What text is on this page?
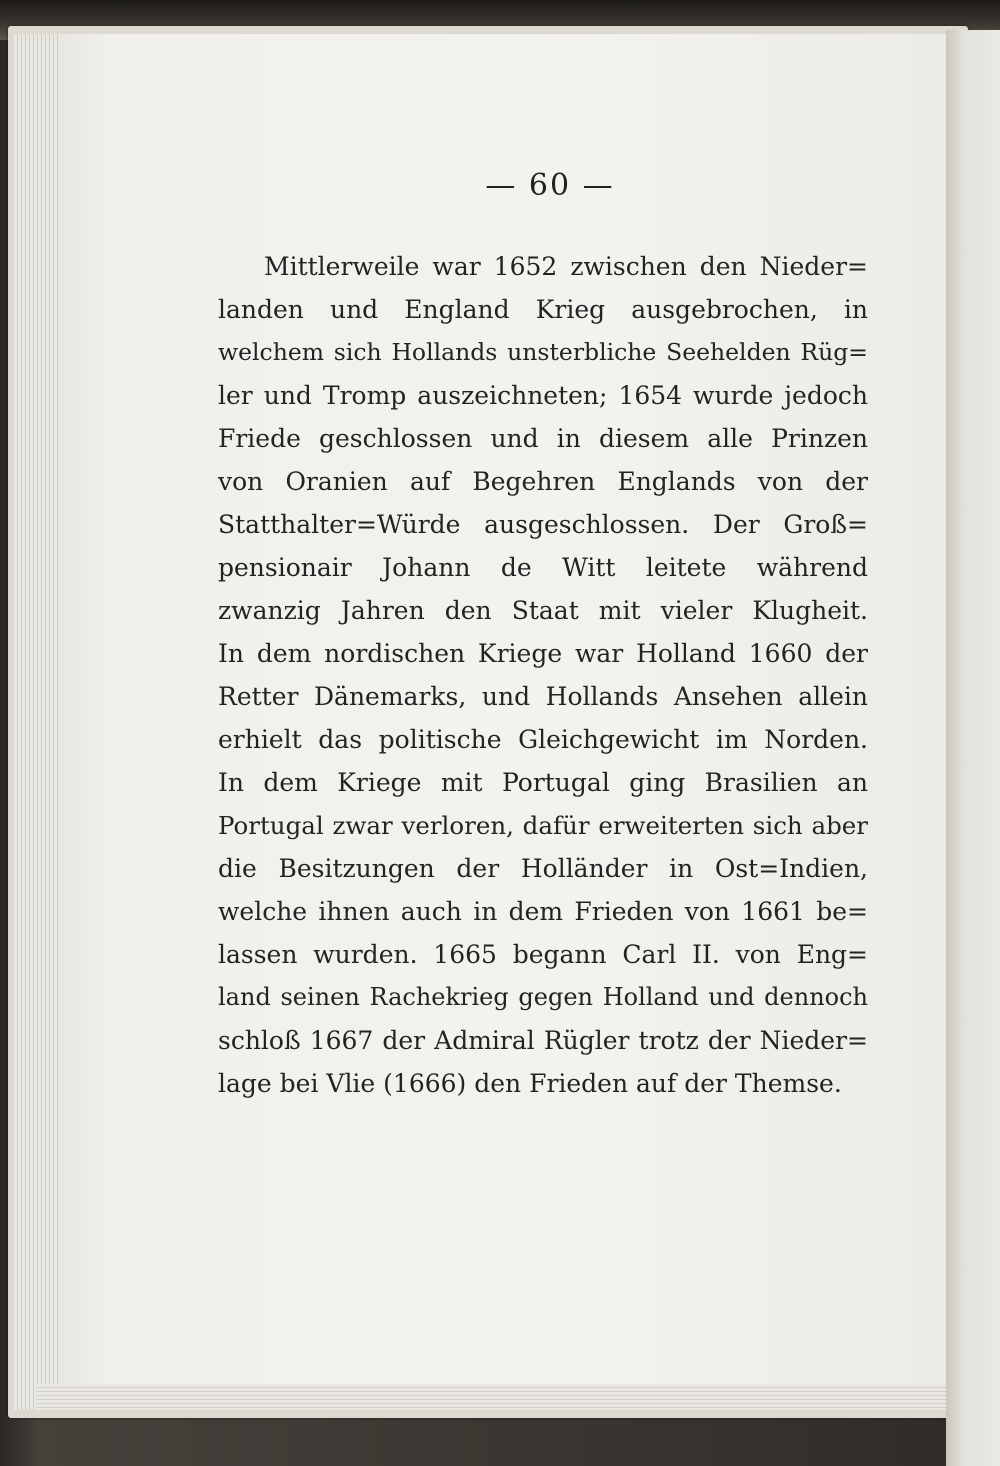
— 60 —
Mittlerweile war 1652 zwischen den Nieder=
landen und England Krieg ausgebrochen, in
welchem sich Hollands unsterbliche Seehelden Rüg=
ler und Tromp auszeichneten; 1654 wurde jedoch
Friede geschlossen und in diesem alle Prinzen
von Oranien auf Begehren Englands von der
Statthalter=Würde ausgeschlossen. Der Groß=
pensionair Johann de Witt leitete während
zwanzig Jahren den Staat mit vieler Klugheit.
In dem nordischen Kriege war Holland 1660 der
Retter Dänemarks, und Hollands Ansehen allein
erhielt das politische Gleichgewicht im Norden.
In dem Kriege mit Portugal ging Brasilien an
Portugal zwar verloren, dafür erweiterten sich aber
die Besitzungen der Holländer in Ost=Indien,
welche ihnen auch in dem Frieden von 1661 be=
lassen wurden. 1665 begann Carl II. von Eng=
land seinen Rachekrieg gegen Holland und dennoch
schloß 1667 der Admiral Rügler trotz der Nieder=
lage bei Vlie (1666) den Frieden auf der Themse.
